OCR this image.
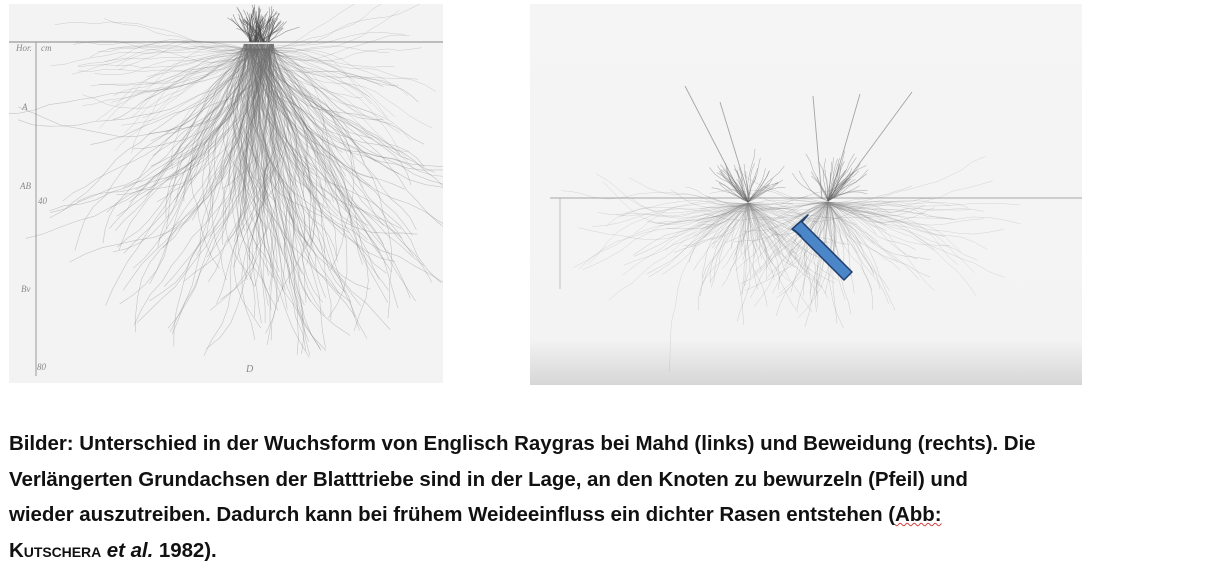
Hor. cm
A
AB
40
Bv
80	D
Bilder: Unterschied in der Wuchsform von Englisch Raygras bei Mahd (links) und Beweidung (rechts). Die
Verlängerten Grundachsen der Blatttriebe sind in der Lage, an den Knoten zu bewurzeln (Pfeil) und
wieder auszutreiben. Dadurch kann bei frühem Weideeinfluss ein dichter Rasen entstehen (Abb:
Kutschera et al. 1982).
